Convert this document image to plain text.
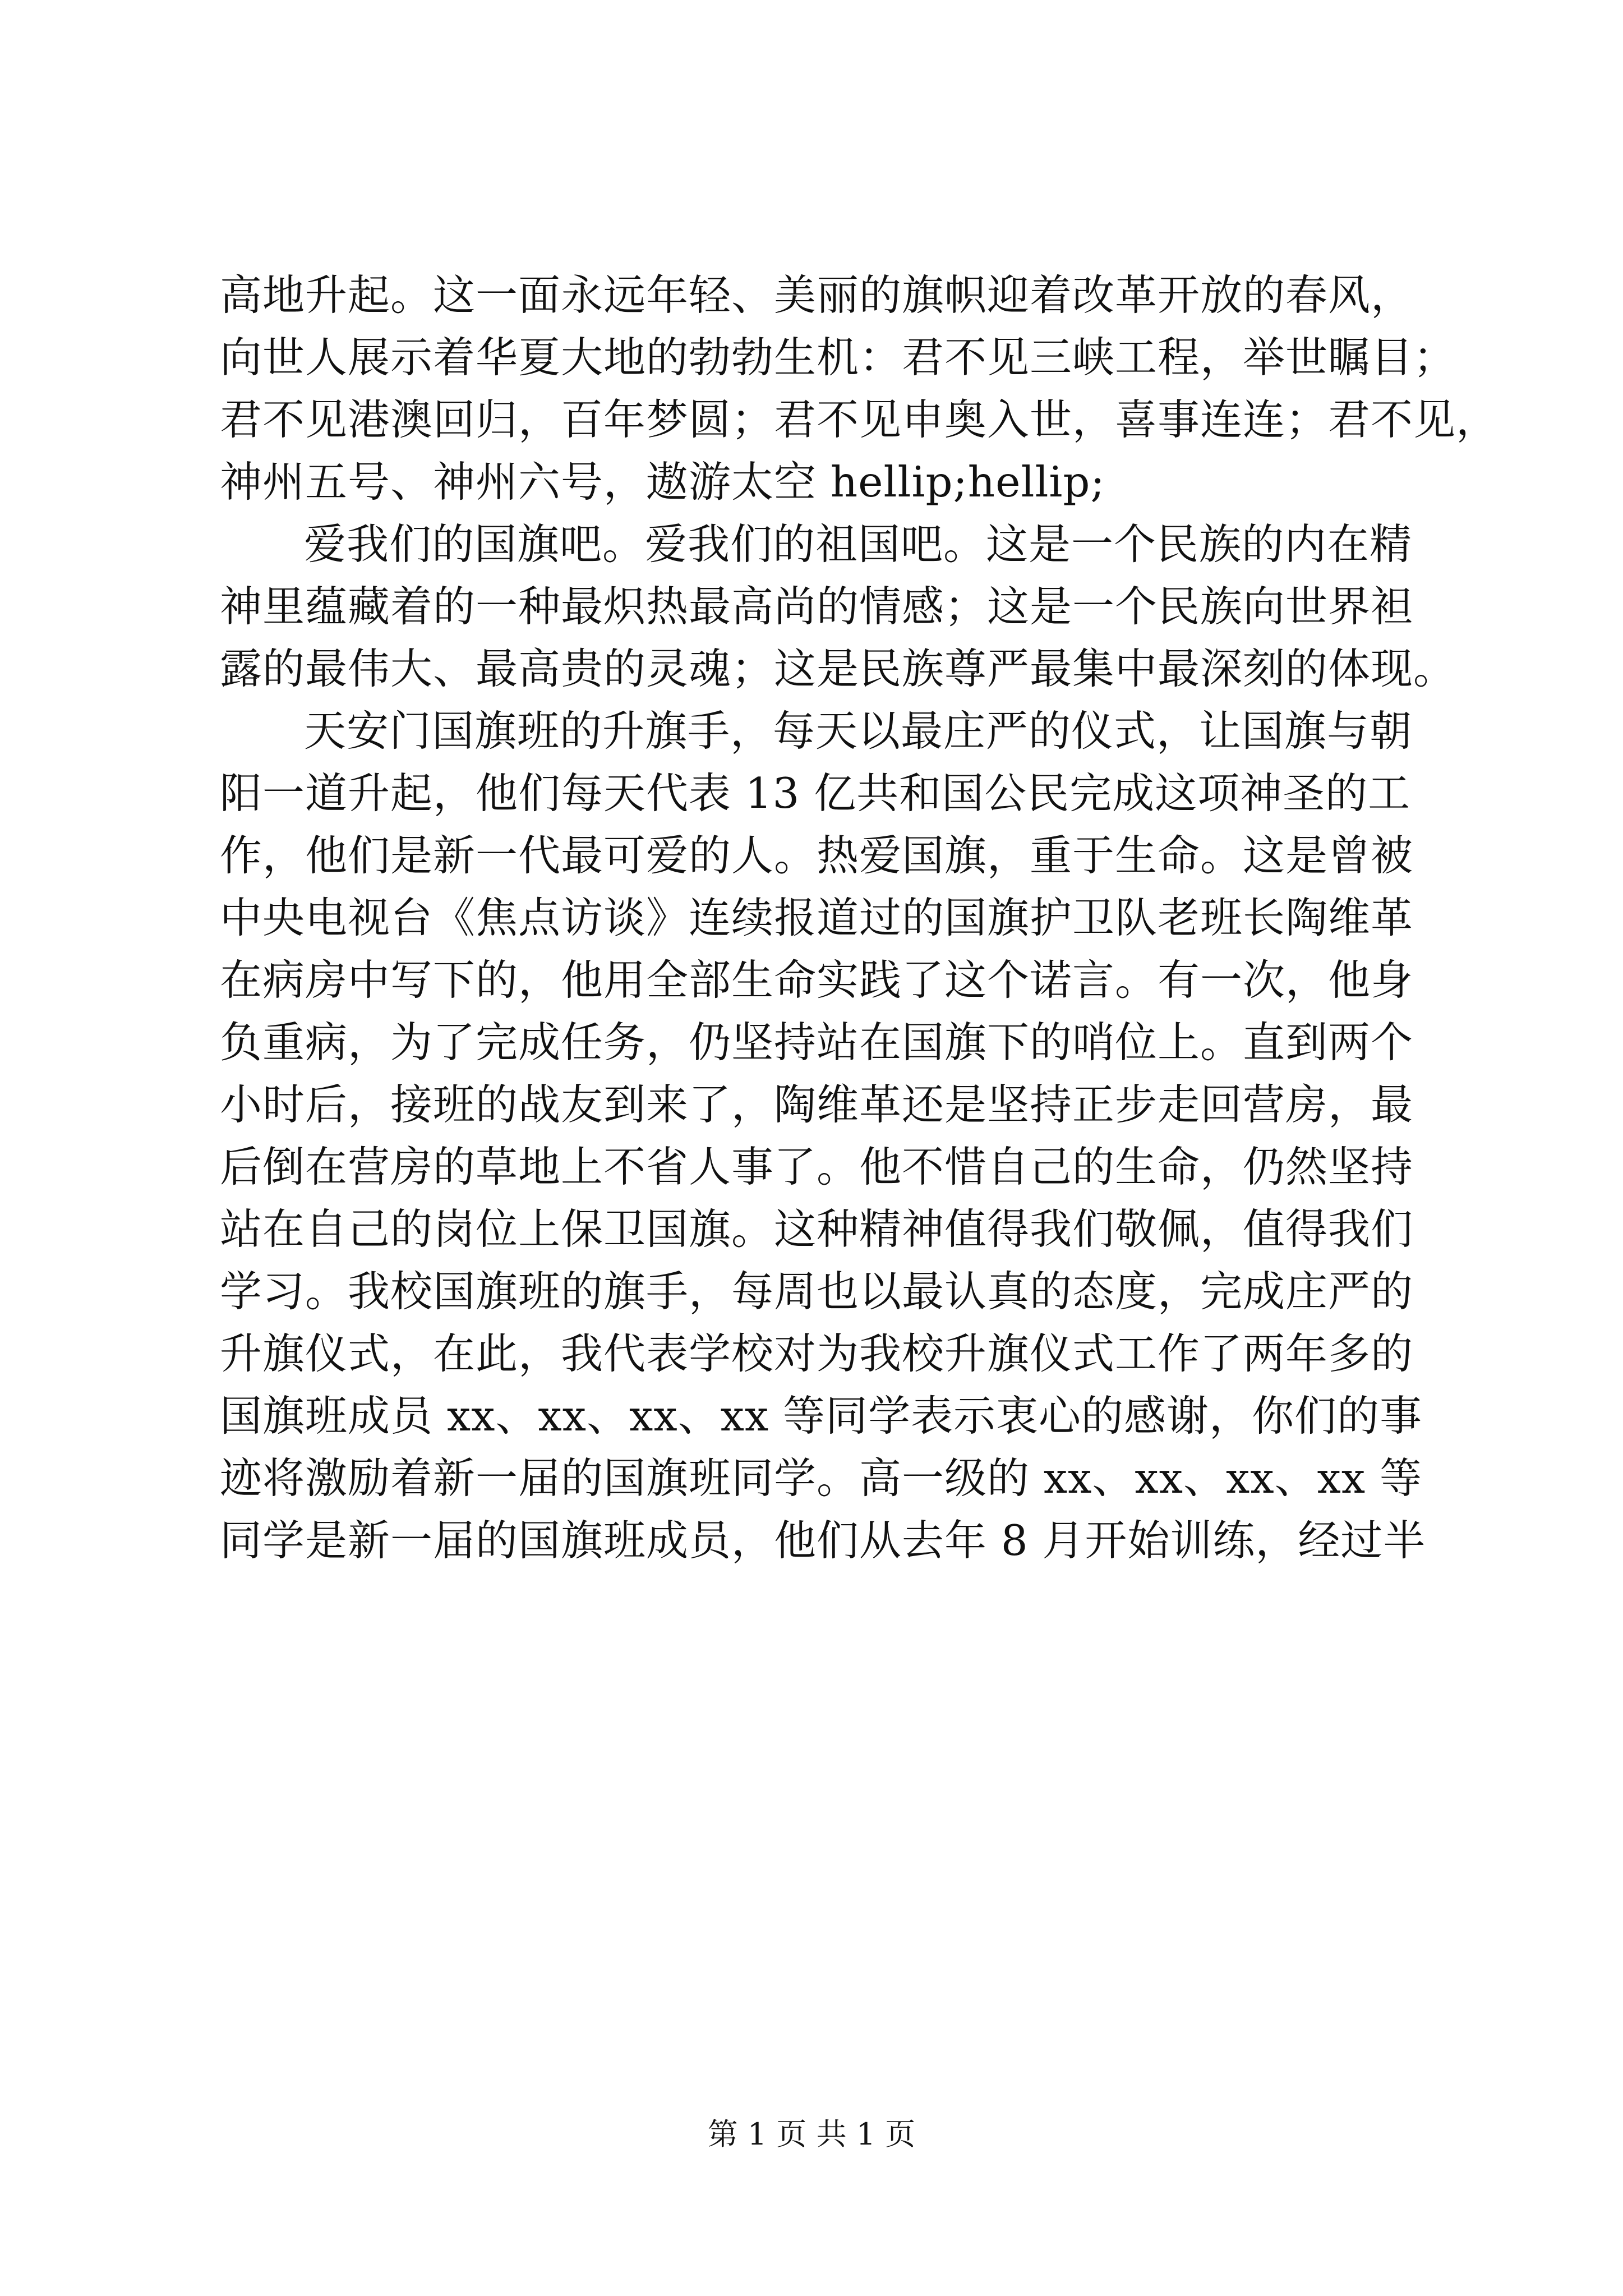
高地升起。这一面永远年轻、美丽的旗帜迎着改革开放的春风，
向世人展示着华夏大地的勃勃生机：君不见三峡工程，举世瞩目；
君不见港澳回归，百年梦圆；君不见申奥入世，喜事连连；君不见，
神州五号、神州六号，遨游太空 hellip;hellip;
爱我们的国旗吧。爱我们的祖国吧。这是一个民族的内在精
神里蕴藏着的一种最炽热最高尚的情感；这是一个民族向世界袒
露的最伟大、最高贵的灵魂；这是民族尊严最集中最深刻的体现。
天安门国旗班的升旗手，每天以最庄严的仪式，让国旗与朝
阳一道升起，他们每天代表 13 亿共和国公民完成这项神圣的工
作，他们是新一代最可爱的人。热爱国旗，重于生命。这是曾被
中央电视台《焦点访谈》连续报道过的国旗护卫队老班长陶维革
在病房中写下的，他用全部生命实践了这个诺言。有一次，他身
负重病，为了完成任务，仍坚持站在国旗下的哨位上。直到两个
小时后，接班的战友到来了，陶维革还是坚持正步走回营房，最
后倒在营房的草地上不省人事了。他不惜自己的生命，仍然坚持
站在自己的岗位上保卫国旗。这种精神值得我们敬佩，值得我们
学习。我校国旗班的旗手，每周也以最认真的态度，完成庄严的
升旗仪式，在此，我代表学校对为我校升旗仪式工作了两年多的
国旗班成员 xx、xx、xx、xx 等同学表示衷心的感谢，你们的事
迹将激励着新一届的国旗班同学。高一级的 xx、xx、xx、xx 等
同学是新一届的国旗班成员，他们从去年 8 月开始训练，经过半
第 1 页 共 1 页
